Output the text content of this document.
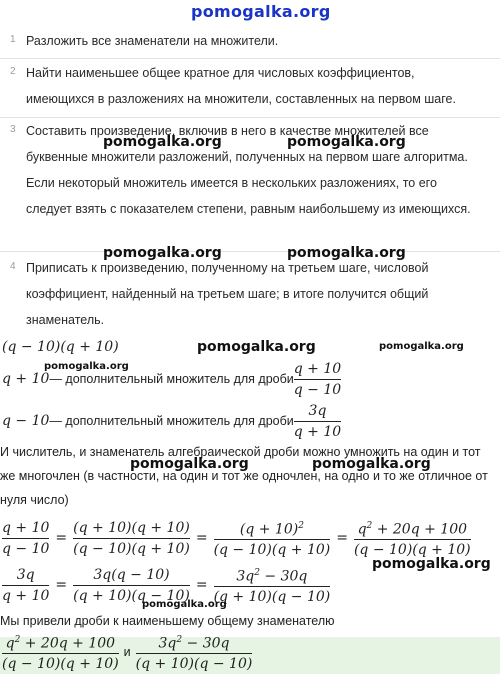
pomogalka.org
1 Разложить все знаменатели на множители.
2 Найти наименьшее общее кратное для числовых коэффициентов, имеющихся в разложениях на множители, составленных на первом шаге.
3 Составить произведение, включив в него в качестве множителей все буквенные множители разложений, полученных на первом шаге алгоритма. Если некоторый множитель имеется в нескольких разложениях, то его следует взять с показателем степени, равным наибольшему из имеющихся.
4 Приписать к произведению, полученному на третьем шаге, числовой коэффициент, найденный на третьем шаге; в итоге получится общий знаменатель.
(q − 10)(q + 10)
q + 10 — дополнительный множитель для дроби $\frac{q + 10}{q - 10}$
q − 10 — дополнительный множитель для дроби $\frac{3q}{q + 10}$
И числитель, и знаменатель алгебраической дроби можно умножить на один и тот же многочлен (в частности, на один и тот же одночлен, на одно и то же отличное от нуля число)
$\frac{q + 10}{q - 10} = \frac{(q + 10)(q + 10)}{(q - 10)(q + 10)} = \frac{(q + 10)^2}{(q - 10)(q + 10)} = \frac{q^2 + 20q + 100}{(q - 10)(q + 10)}$
$\frac{3q}{q + 10} = \frac{3q(q - 10)}{(q + 10)(q - 10)} = \frac{3q^2 - 30q}{(q + 10)(q - 10)}$
Мы привели дроби к наименьшему общему знаменателю
$\frac{q^2 + 20q + 100}{(q - 10)(q + 10)}$ и $\frac{3q^2 - 30q}{(q + 10)(q - 10)}$
pomogalka.org	pomogalka.org
pomogalka.org	pomogalka.org
pomogalka.org	pomogalka.org
pomogalka.org
pomogalka.org	pomogalka.org
pomogalka.org
pomogalka.org
